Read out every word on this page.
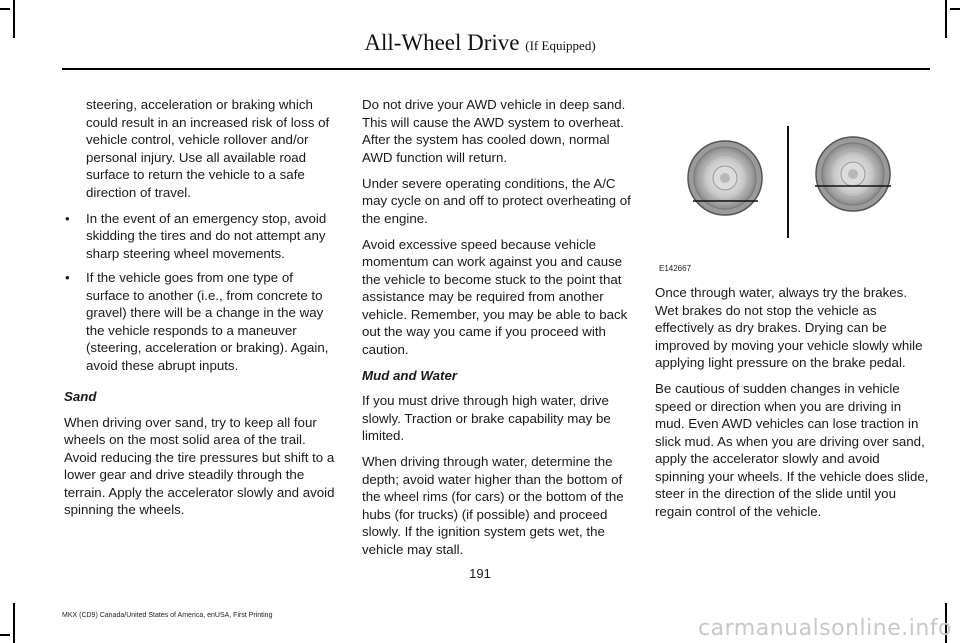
All-Wheel Drive (If Equipped)

steering, acceleration or braking which could result in an increased risk of loss of vehicle control, vehicle rollover and/or personal injury. Use all available road surface to return the vehicle to a safe direction of travel.

• In the event of an emergency stop, avoid skidding the tires and do not attempt any sharp steering wheel movements.
• If the vehicle goes from one type of surface to another (i.e., from concrete to gravel) there will be a change in the way the vehicle responds to a maneuver (steering, acceleration or braking). Again, avoid these abrupt inputs.
Sand

When driving over sand, try to keep all four wheels on the most solid area of the trail. Avoid reducing the tire pressures but shift to a lower gear and drive steadily through the terrain. Apply the accelerator slowly and avoid spinning the wheels.

Do not drive your AWD vehicle in deep sand. This will cause the AWD system to overheat. After the system has cooled down, normal AWD function will return.

Under severe operating conditions, the A/C may cycle on and off to protect overheating of the engine.

Avoid excessive speed because vehicle momentum can work against you and cause the vehicle to become stuck to the point that assistance may be required from another vehicle. Remember, you may be able to back out the way you came if you proceed with caution.

Mud and Water

If you must drive through high water, drive slowly. Traction or brake capability may be limited.

When driving through water, determine the depth; avoid water higher than the bottom of the wheel rims (for cars) or the bottom of the hubs (for trucks) (if possible) and proceed slowly. If the ignition system gets wet, the vehicle may stall.

E142667

Once through water, always try the brakes. Wet brakes do not stop the vehicle as effectively as dry brakes. Drying can be improved by moving your vehicle slowly while applying light pressure on the brake pedal.

Be cautious of sudden changes in vehicle speed or direction when you are driving in mud. Even AWD vehicles can lose traction in slick mud. As when you are driving over sand, apply the accelerator slowly and avoid spinning your wheels. If the vehicle does slide, steer in the direction of the slide until you regain control of the vehicle.

191
MKX (CD9) Canada/United States of America, enUSA, First Printing
carmanualsonline.info
